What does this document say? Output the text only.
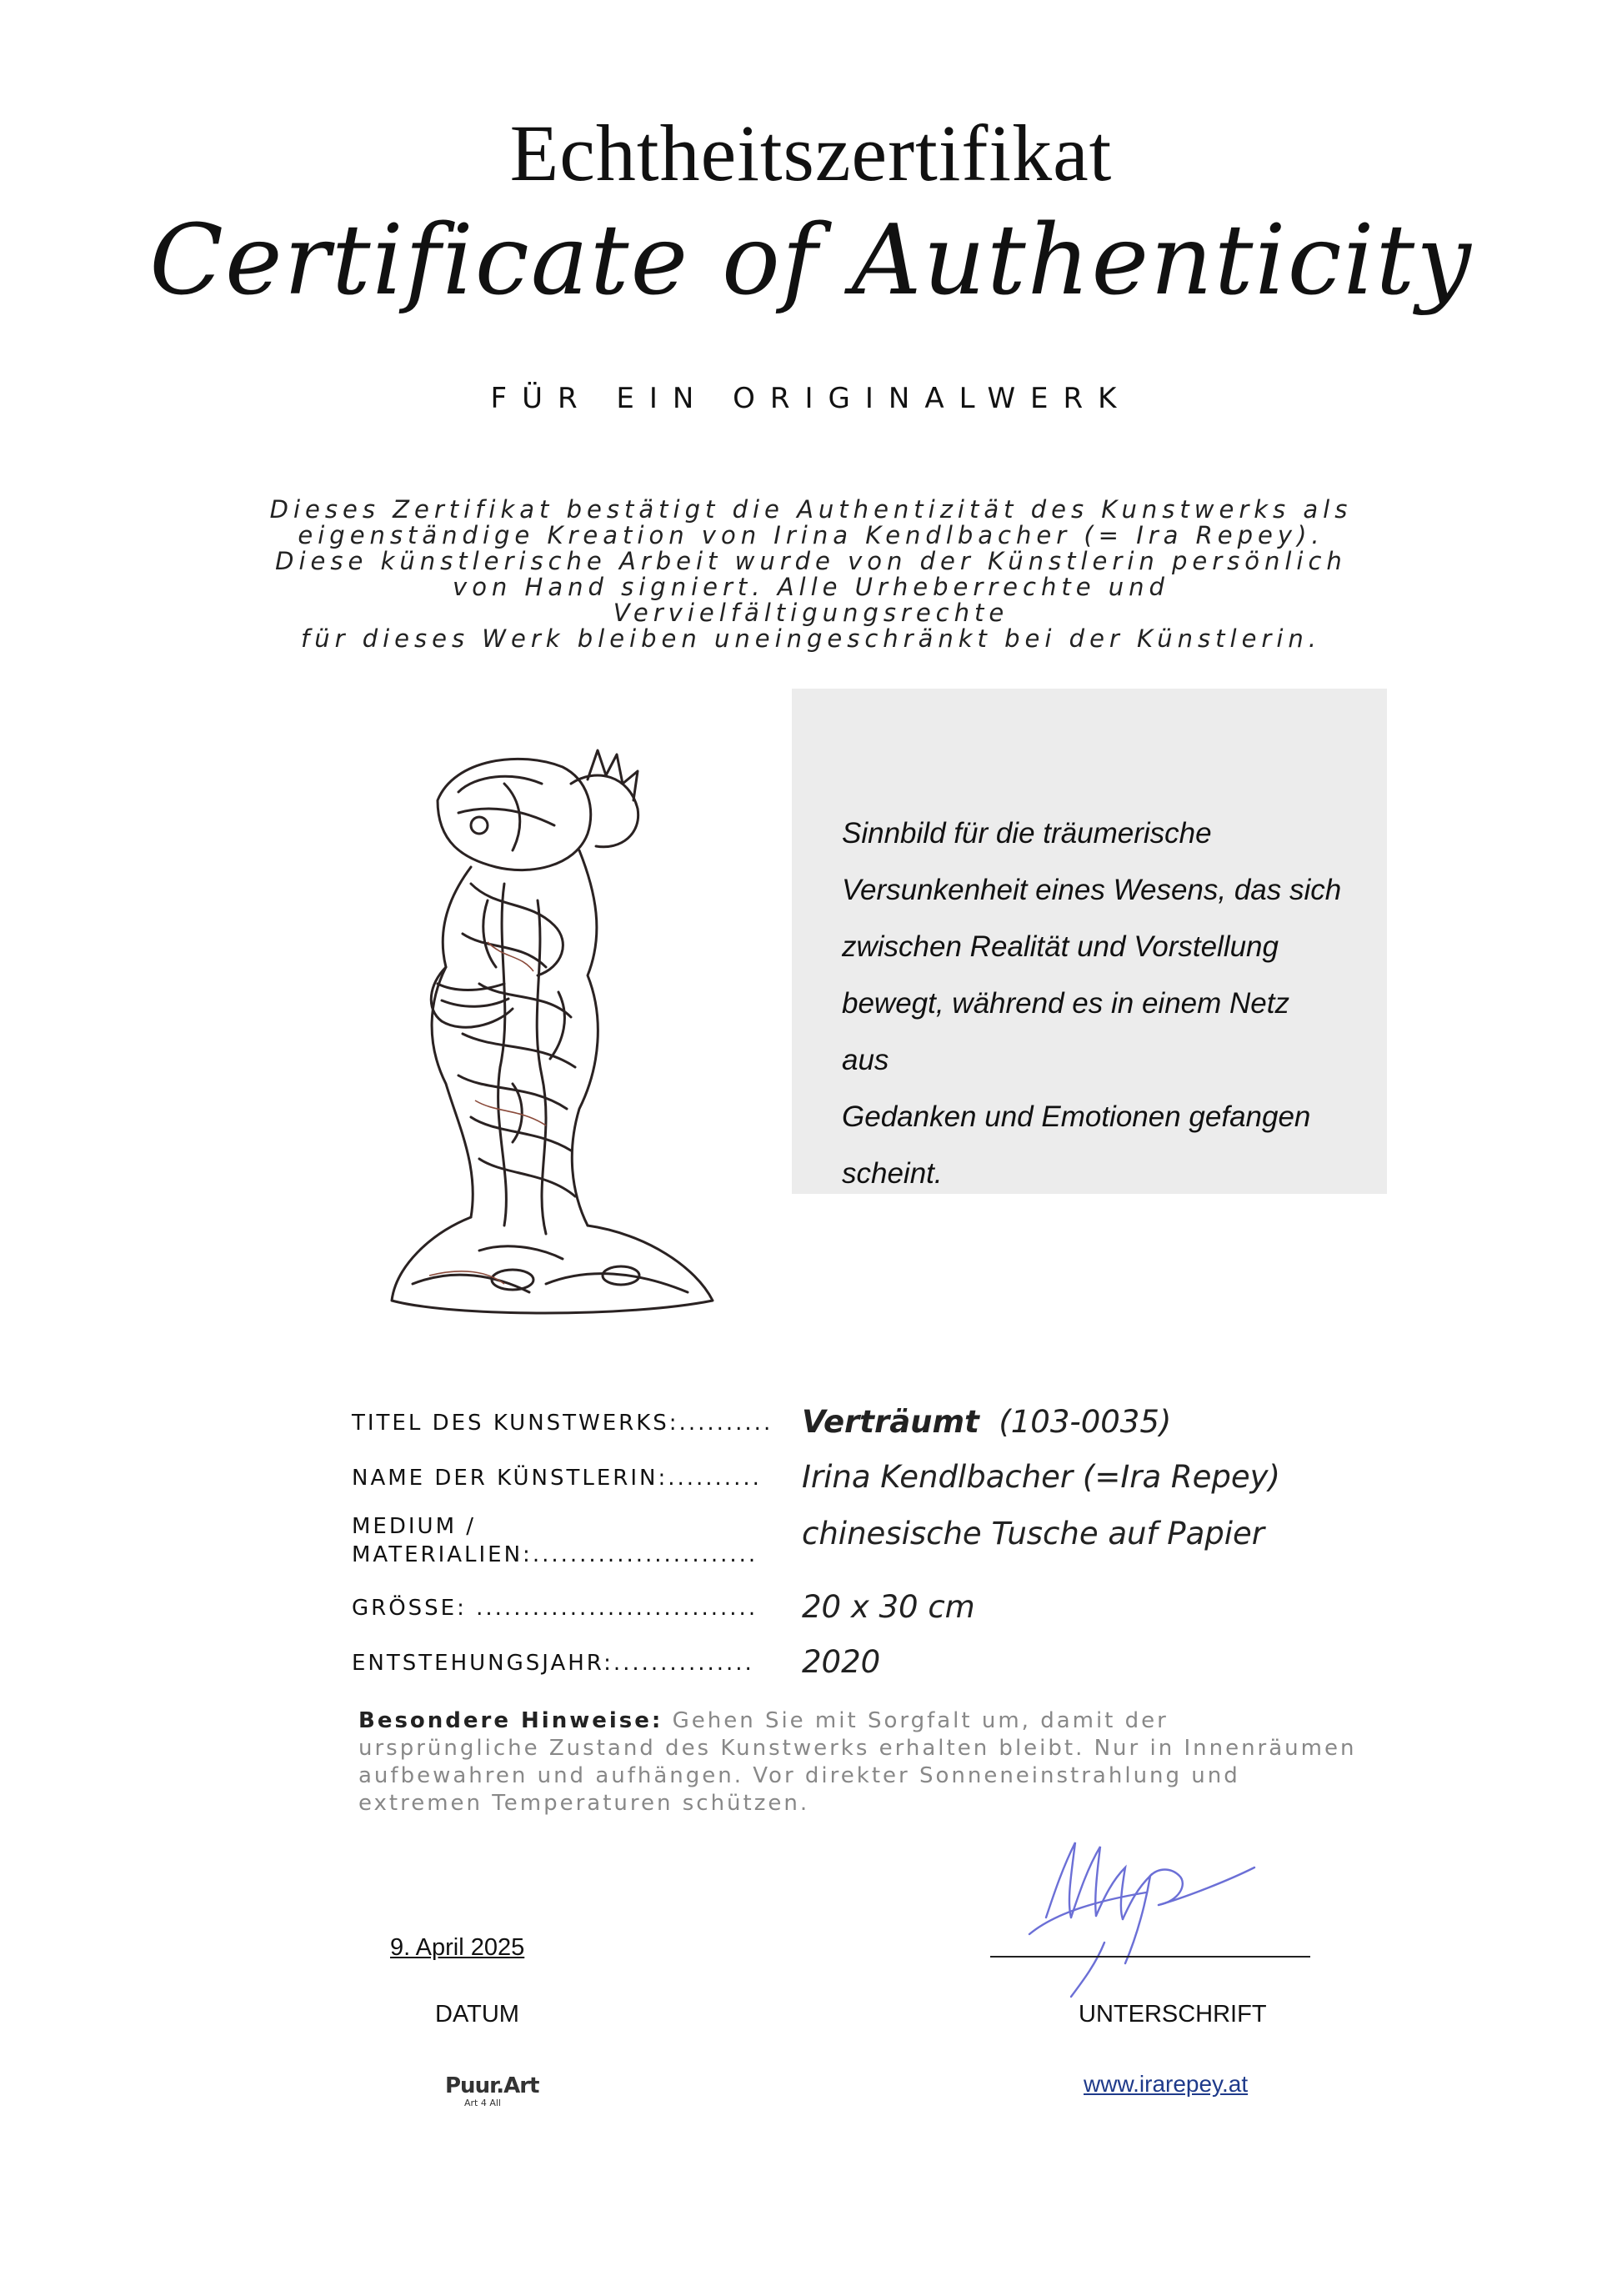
Echtheitszertifikat
Certificate of Authenticity
FÜR EIN ORIGINALWERK
Dieses Zertifikat bestätigt die Authentizität des Kunstwerks als
eigenständige Kreation von Irina Kendlbacher (= Ira Repey).
Diese künstlerische Arbeit wurde von der Künstlerin persönlich
von Hand signiert. Alle Urheberrechte und Vervielfältigungsrechte
für dieses Werk bleiben uneingeschränkt bei der Künstlerin.
Sinnbild für die träumerische
Versunkenheit eines Wesens, das sich
zwischen Realität und Vorstellung
bewegt, während es in einem Netz aus
Gedanken und Emotionen gefangen
scheint.
TITEL DES KUNSTWERKS:.......... Verträumt (103-0035)
NAME DER KÜNSTLERIN:.......... Irina Kendlbacher (=Ira Repey)
MEDIUM /
MATERIALIEN:........................
chinesische Tusche auf Papier
GRÖSSE: .............................. 20 x 30 cm
ENTSTEHUNGSJAHR:............... 2020
Besondere Hinweise: Gehen Sie mit Sorgfalt um, damit der ursprüngliche Zustand des Kunstwerks erhalten bleibt. Nur in Innenräumen aufbewahren und aufhängen. Vor direkter Sonneneinstrahlung und extremen Temperaturen schützen.
9. April 2025
DATUM	UNTERSCHRIFT
Puur.Art
Art 4 All
www.irarepey.at
